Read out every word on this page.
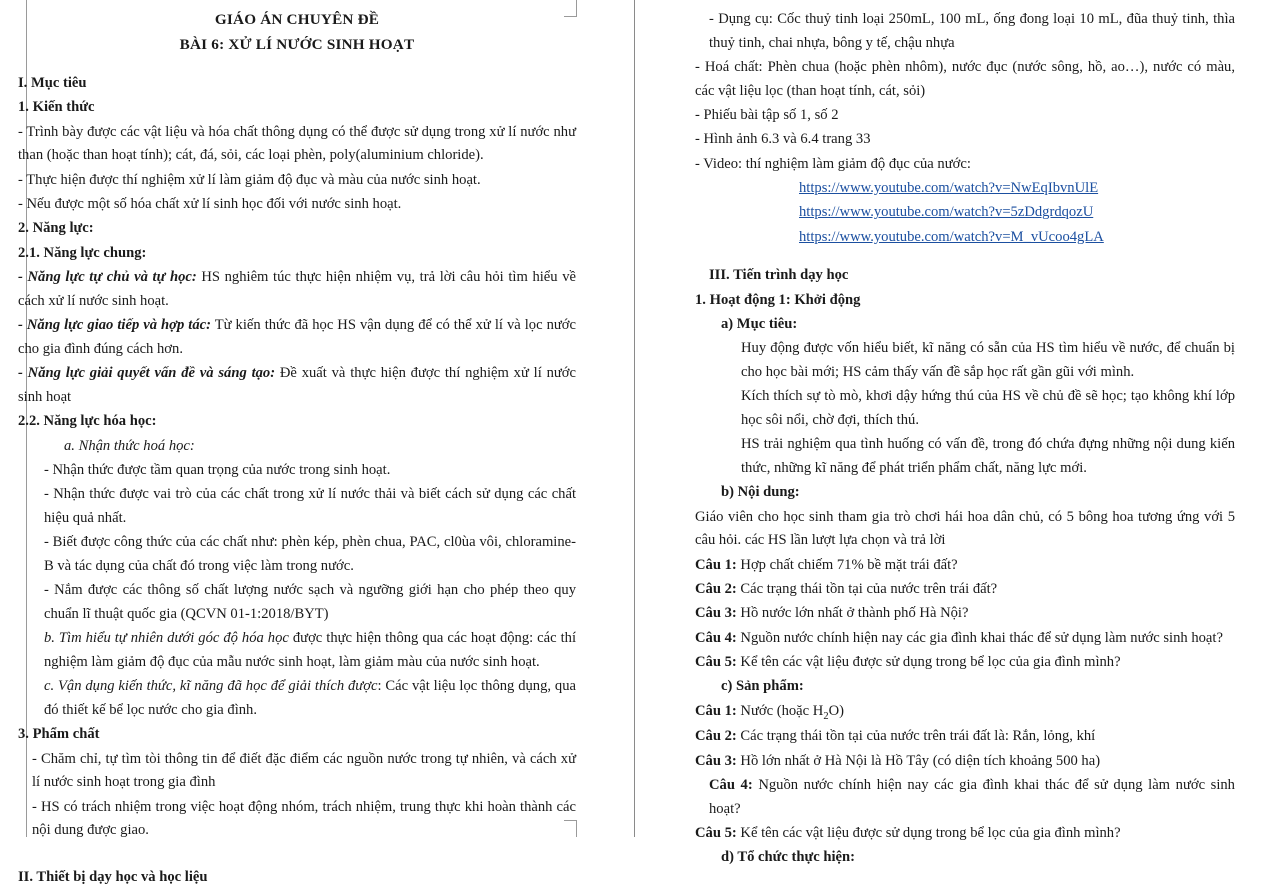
GIÁO ÁN CHUYÊN ĐỀ

BÀI 6: XỬ LÍ NƯỚC SINH HOẠT

I. Mục tiêu

1. Kiến thức

- Trình bày được các vật liệu và hóa chất thông dụng có thể được sử dụng trong xử lí nước như than (hoặc than hoạt tính); cát, đá, sỏi, các loại phèn, poly(aluminium chloride).

- Thực hiện được thí nghiệm xử lí làm giảm độ đục và màu của nước sinh hoạt.

- Nếu được một số hóa chất xử lí sinh học đối với nước sinh hoạt.

2. Năng lực:

2.1. Năng lực chung:

- Năng lực tự chủ và tự học: HS nghiêm túc thực hiện nhiệm vụ, trả lời câu hỏi tìm hiểu về cách xử lí nước sinh hoạt.

- Năng lực giao tiếp và hợp tác: Từ kiến thức đã học HS vận dụng để có thể xử lí và lọc nước cho gia đình đúng cách hơn.

- Năng lực giải quyết vấn đề và sáng tạo: Đề xuất và thực hiện được thí nghiệm xử lí nước sinh hoạt

2.2. Năng lực hóa học:

a. Nhận thức hoá học:

- Nhận thức được tầm quan trọng của nước trong sinh hoạt.

- Nhận thức được vai trò của các chất trong xử lí nước thải và biết cách sử dụng các chất hiệu quả nhất.

- Biết được công thức của các chất như: phèn kép, phèn chua, PAC, cl0ùa vôi, chloramine-B và tác dụng của chất đó trong việc làm trong nước.

- Nắm được các thông số chất lượng nước sạch và ngưỡng giới hạn cho phép theo quy chuẩn lĩ thuật quốc gia (QCVN 01-1:2018/BYT)

b. Tìm hiểu tự nhiên dưới góc độ hóa học được thực hiện thông qua các hoạt động: các thí nghiệm làm giảm độ đục của mẫu nước sinh hoạt, làm giảm màu của nước sinh hoạt.

c. Vận dụng kiến thức, kĩ năng đã học để giải thích được: Các vật liệu lọc thông dụng, qua đó thiết kế bể lọc nước cho gia đình.

3. Phẩm chất

- Chăm chỉ, tự tìm tòi thông tin để điết đặc điểm các nguồn nước trong tự nhiên, và cách xử lí nước sinh hoạt trong gia đình

- HS có trách nhiệm trong việc hoạt động nhóm, trách nhiệm, trung thực khi hoàn thành các nội dung được giao.

II. Thiết bị dạy học và học liệu

- Dụng cụ: Cốc thuỷ tinh loại 250mL, 100 mL, ống đong loại 10 mL, đũa thuỷ tinh, thìa thuỷ tinh, chai nhựa, bông y tế, chậu nhựa

- Hoá chất: Phèn chua (hoặc phèn nhôm), nước đục (nước sông, hồ, ao…), nước có màu, các vật liệu lọc (than hoạt tính, cát, sỏi)

- Phiếu bài tập số 1, số 2

- Hình ảnh 6.3 và 6.4 trang 33

- Video: thí nghiệm làm giảm độ đục của nước:

https://www.youtube.com/watch?v=NwEqIbvnUlE

https://www.youtube.com/watch?v=5zDdgrdqozU

https://www.youtube.com/watch?v=M_vUcoo4gLA

III. Tiến trình dạy học

1. Hoạt động 1: Khởi động

a) Mục tiêu:

Huy động được vốn hiểu biết, kĩ năng có sẵn của HS tìm hiểu về nước, để chuẩn bị cho học bài mới; HS cảm thấy vấn đề sắp học rất gần gũi với mình.

Kích thích sự tò mò, khơi dậy hứng thú của HS về chủ đề sẽ học; tạo không khí lớp học sôi nổi, chờ đợi, thích thú.

HS trải nghiệm qua tình huống có vấn đề, trong đó chứa đựng những nội dung kiến thức, những kĩ năng để phát triển phẩm chất, năng lực mới.

b) Nội dung:

Giáo viên cho học sinh tham gia trò chơi hái hoa dân chủ, có 5 bông hoa tương ứng với 5 câu hỏi. các HS lần lượt lựa chọn và trả lời

Câu 1: Hợp chất chiếm 71% bề mặt trái đất?

Câu 2: Các trạng thái tồn tại của nước trên trái đất?

Câu 3: Hồ nước lớn nhất ở thành phố Hà Nội?

Câu 4: Nguồn nước chính hiện nay các gia đình khai thác để sử dụng làm nước sinh hoạt?

Câu 5: Kể tên các vật liệu được sử dụng trong bể lọc của gia đình mình?

c) Sản phẩm:

Câu 1: Nước (hoặc $H_2O$)

Câu 2: Các trạng thái tồn tại của nước trên trái đất là: Rắn, lỏng, khí

Câu 3: Hồ lớn nhất ở Hà Nội là Hồ Tây (có diện tích khoảng 500 ha)

Câu 4: Nguồn nước chính hiện nay các gia đình khai thác để sử dụng làm nước sinh hoạt?

Câu 5: Kể tên các vật liệu được sử dụng trong bể lọc của gia đình mình?

d) Tổ chức thực hiện:
